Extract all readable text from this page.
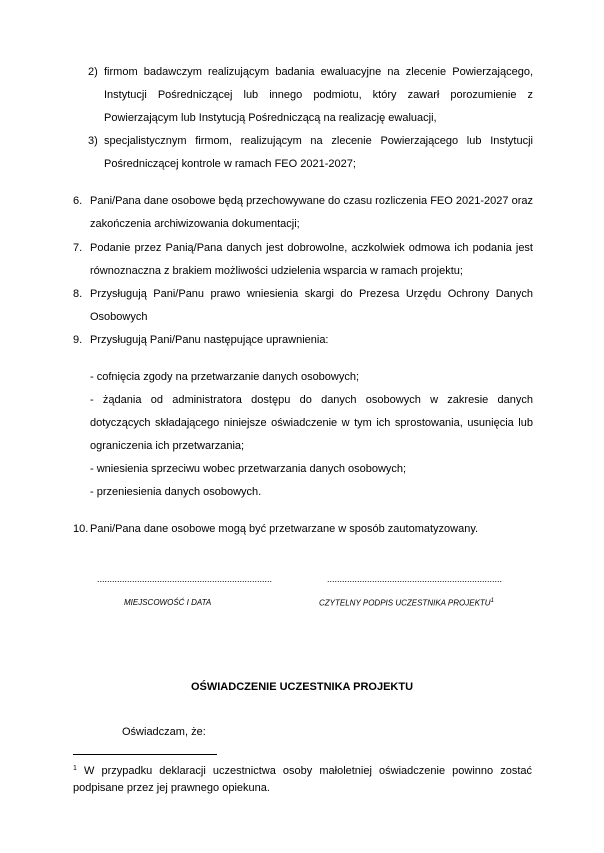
2) firmom badawczym realizującym badania ewaluacyjne na zlecenie Powierzającego,
Instytucji Pośredniczącej lub innego podmiotu, który zawarł porozumienie z
Powierzającym lub Instytucją Pośredniczącą na realizację ewaluacji,
3) specjalistycznym firmom, realizującym na zlecenie Powierzającego lub Instytucji
Pośredniczącej kontrole w ramach FEO 2021-2027;
6. Pani/Pana dane osobowe będą przechowywane do czasu rozliczenia FEO 2021-2027 oraz
zakończenia archiwizowania dokumentacji;
7. Podanie przez Panią/Pana danych jest dobrowolne, aczkolwiek odmowa ich podania jest
równoznaczna z brakiem możliwości udzielenia wsparcia w ramach projektu;
8. Przysługują Pani/Panu prawo wniesienia skargi do Prezesa Urzędu Ochrony Danych
Osobowych
9. Przysługują Pani/Panu następujące uprawnienia:
- cofnięcia zgody na przetwarzanie danych osobowych;
- żądania od administratora dostępu do danych osobowych w zakresie danych
dotyczących składającego niniejsze oświadczenie w tym ich sprostowania, usunięcia lub
ograniczenia ich przetwarzania;
- wniesienia sprzeciwu wobec przetwarzania danych osobowych;
- przeniesienia danych osobowych.
10. Pani/Pana dane osobowe mogą być przetwarzane w sposób zautomatyzowany.
......................................................................	......................................................................
MIEJSCOWOŚĆ I DATA	CZYTELNY PODPIS UCZESTNIKA PROJEKTU$^1$
OŚWIADCZENIE UCZESTNIKA PROJEKTU
Oświadczam, że:
$^1$ W przypadku deklaracji uczestnictwa osoby małoletniej oświadczenie powinno zostać podpisane przez jej prawnego opiekuna.
